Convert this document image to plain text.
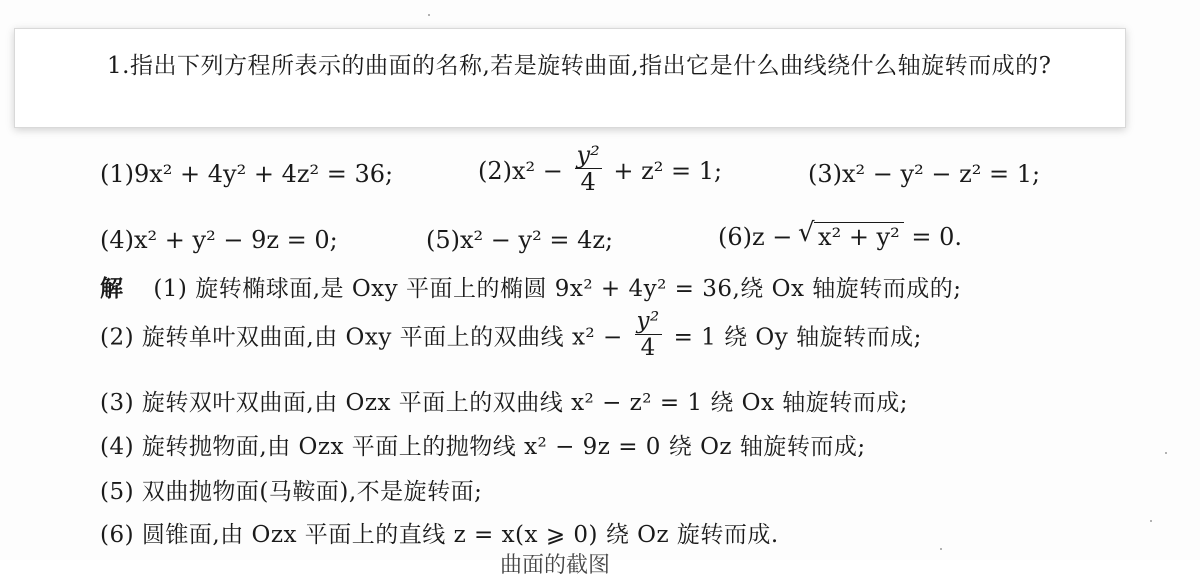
1.指出下列方程所表示的曲面的名称,若是旋转曲面,指出它是什么曲线绕什么轴旋转而成的?

(1)9x² + 4y² + 4z² = 36;	$(2)x^2 - \frac{\text{y²}}{4} + z^2 = 1$;	(3)x² − y² − z² = 1;
(4)x² + y² − 9z = 0;	(5)x² − y² = 4z;	(6)z − √ x² + y² = 0.
解 (1) 旋转椭球面,是 Oxy 平面上的椭圆 9x² + 4y² = 36,绕 Ox 轴旋转而成的;
(2) 旋转单叶双曲面,由 Oxy 平面上的双曲线 $x^2 - \frac{\text{y²}}{4} = 1$ 绕 Oy 轴旋转而成;
(3) 旋转双叶双曲面,由 Ozx 平面上的双曲线 x² − z² = 1 绕 Ox 轴旋转而成;
(4) 旋转抛物面,由 Ozx 平面上的抛物线 x² − 9z = 0 绕 Oz 轴旋转而成;
(5) 双曲抛物面(马鞍面),不是旋转面;
(6) 圆锥面,由 Ozx 平面上的直线 z = x(x ⩾ 0) 绕 Oz 旋转而成.
曲面的截图
